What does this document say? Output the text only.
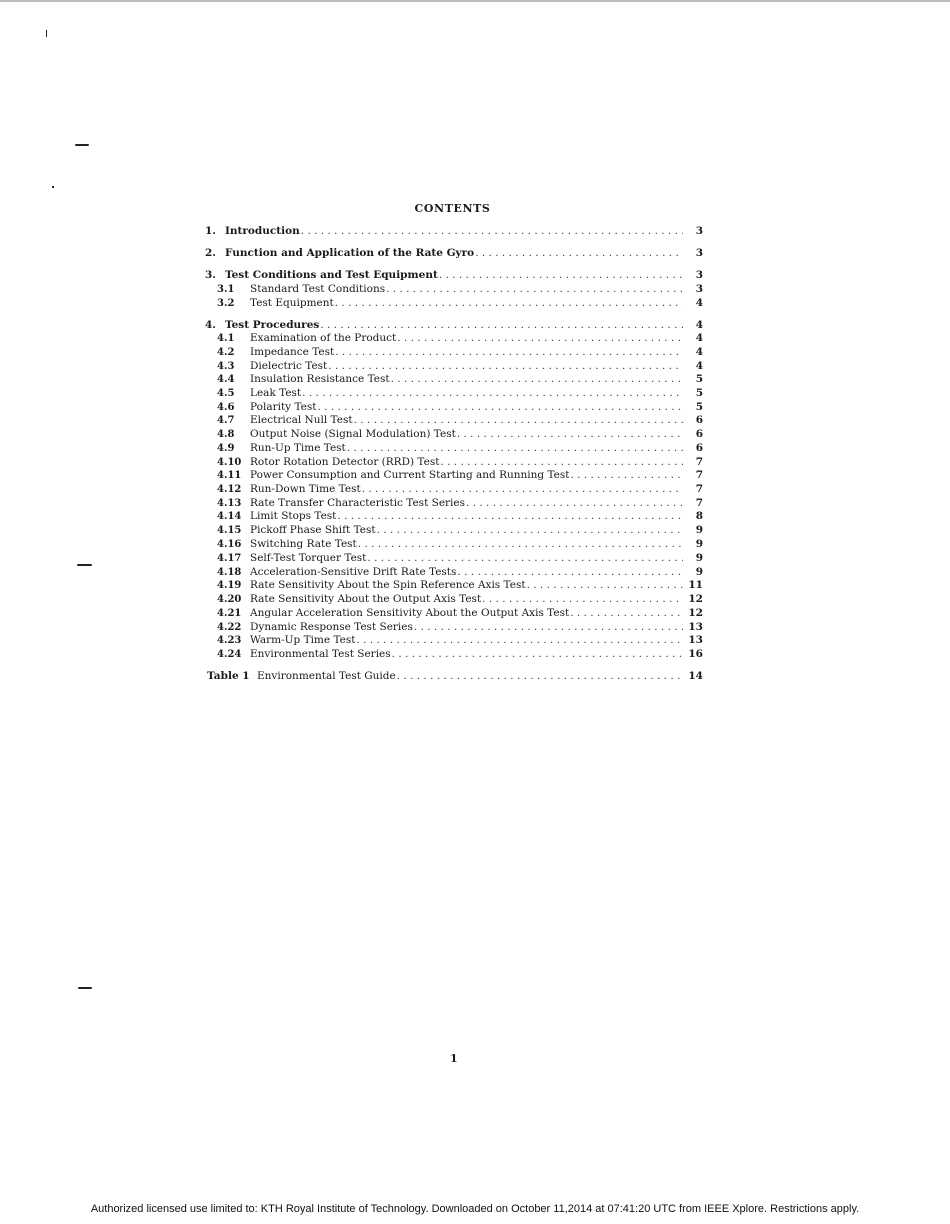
CONTENTS
1. Introduction . . .	3
2. Function and Application of the Rate Gyro . . .	3
3. Test Conditions and Test Equipment . . .	3
3.1	Standard Test Conditions . . .	3
3.2	Test Equipment . . .	4
4. Test Procedures . . .	4
4.1	Examination of the Product . . .	4
4.2	Impedance Test . . .	4
4.3	Dielectric Test . . .	4
4.4	Insulation Resistance Test . . .	5
4.5	Leak Test . . .	5
4.6	Polarity Test . . .	5
4.7	Electrical Null Test . . .	6
4.8	Output Noise (Signal Modulation) Test . . .	6
4.9	Run-Up Time Test . . .	6
4.10 Rotor Rotation Detector (RRD) Test . . .	7
4.11 Power Consumption and Current Starting and Running Test . . .	7
4.12 Run-Down Time Test . . .	7
4.13 Rate Transfer Characteristic Test Series . . .	7
4.14 Limit Stops Test . . .	8
4.15 Pickoff Phase Shift Test . . .	9
4.16 Switching Rate Test . . .	9
4.17 Self-Test Torquer Test . . .	9
4.18 Acceleration-Sensitive Drift Rate Tests . . .	9
4.19 Rate Sensitivity About the Spin Reference Axis Test . . .	11
4.20 Rate Sensitivity About the Output Axis Test . . .	12
4.21 Angular Acceleration Sensitivity About the Output Axis Test . . .	12
4.22 Dynamic Response Test Series . . .	13
4.23 Warm-Up Time Test . . .	13
4.24 Environmental Test Series . . .	16
Table 1 Environmental Test Guide . . .	14
1
Authorized licensed use limited to: KTH Royal Institute of Technology. Downloaded on October 11,2014 at 07:41:20 UTC from IEEE Xplore. Restrictions apply.
